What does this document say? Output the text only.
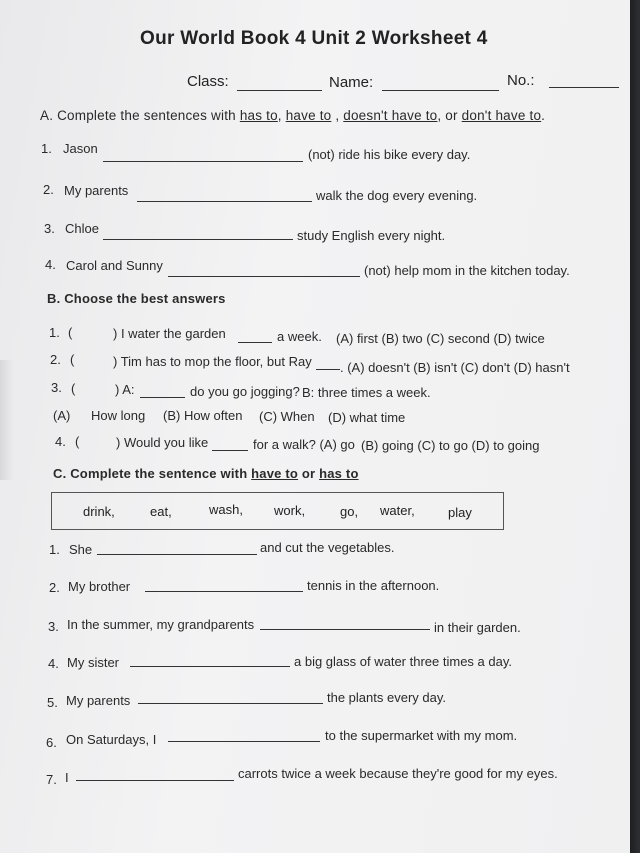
Our World Book 4 Unit 2 Worksheet 4
Class:	Name:	No.:
A. Complete the sentences with has to, have to , doesn't have to, or don't have to.
1. Jason	(not) ride his bike every day.
2. My parents	walk the dog every evening.
3. Chloe	study English every night.
4. Carol and Sunny	(not) help mom in the kitchen today.
B. Choose the best answers
1. (	) I water the garden	a week. (A) first (B) two (C) second (D) twice
2. (	) Tim has to mop the floor, but Ray . (A) doesn't (B) isn't (C) don't (D) hasn't
3. (	) A:	do you go jogging? B: three times a week.
(A) How long (B) How often (C) When (D) what time
4. (	) Would you like	for a walk? (A) go (B) going (C) to go (D) to going
C. Complete the sentence with have to or has to
drink,	eat,	wash, work,	go, water,	play
1. She	and cut the vegetables.
2. My brother	tennis in the afternoon.
3. In the summer, my grandparents	in their garden.
4. My sister	a big glass of water three times a day.
5. My parents	the plants every day.
6. On Saturdays, I	to the supermarket with my mom.
7. I	carrots twice a week because they're good for my eyes.
